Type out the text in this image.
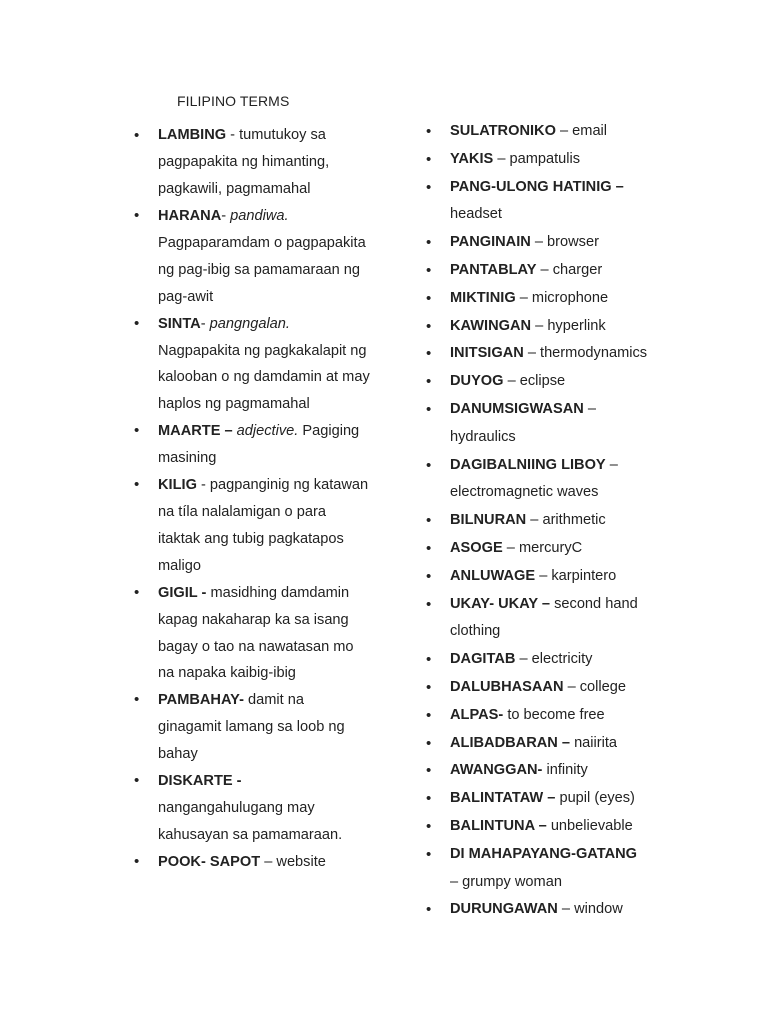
FILIPINO TERMS
• LAMBING - tumutukoy sa pagpapakita ng himanting, pagkawili, pagmamahal
• HARANA- pandiwa. Pagpaparamdam o pagpapakita ng pag-ibig sa pamamaraan ng pag-awit
• SINTA- pangngalan. Nagpapakita ng pagkakalapit ng kalooban o ng damdamin at may haplos ng pagmamahal
• MAARTE – adjective. Pagiging masining
• KILIG - pagpanginig ng katawan na tíla nalalamigan o para itaktak ang tubig pagkatapos maligo
• GIGIL - masidhing damdamin kapag nakaharap ka sa isang bagay o tao na nawatasan mo na napaka kaibig-ibig
• PAMBAHAY- damit na ginagamit lamang sa loob ng bahay
• DISKARTE - nangangahulugang may kahusayan sa pamamaraan.
• POOK- SAPOT – website
• SULATRONIKO – email
• YAKIS – pampatulis
• PANG-ULONG HATINIG –
headset
• PANGINAIN – browser
• PANTABLAY – charger
• MIKTINIG – microphone
• KAWINGAN – hyperlink
• INITSIGAN – thermodynamics
• DUYOG – eclipse
• DANUMSIGWASAN –
hydraulics
• DAGIBALNIING LIBOY –
electromagnetic waves
• BILNURAN – arithmetic
• ASOGE – mercuryC
• ANLUWAGE – karpintero
• UKAY- UKAY – second hand clothing
• DAGITAB – electricity
• DALUBHASAAN – college
• ALPAS- to become free
• ALIBADBARAN – naiirita
• AWANGGAN- infinity
• BALINTATAW – pupil (eyes)
• BALINTUNA – unbelievable
• DI MAHAPAYANG-GATANG
– grumpy woman
• DURUNGAWAN – window
